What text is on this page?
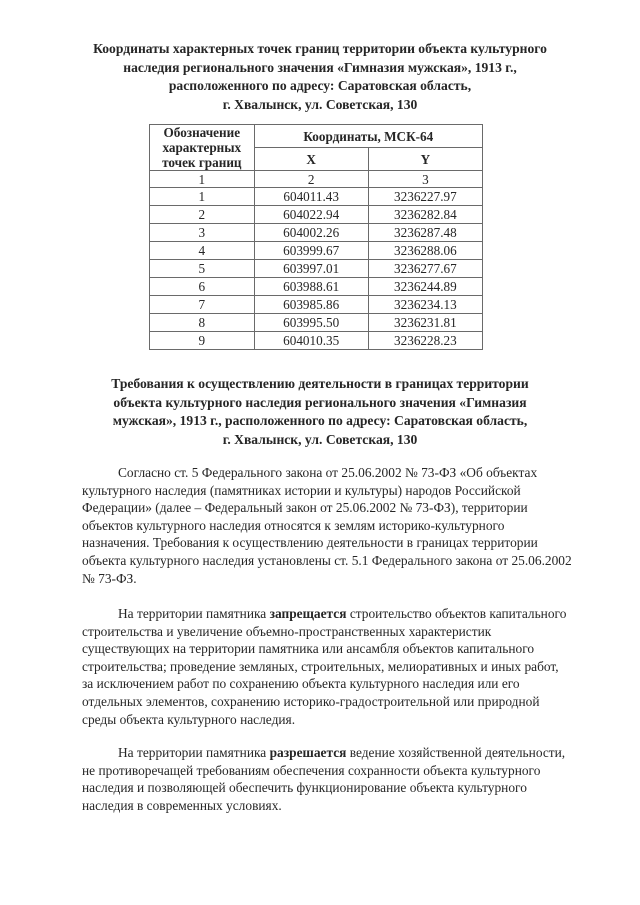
Координаты характерных точек границ территории объекта культурного
наследия регионального значения «Гимназия мужская», 1913 г.,
расположенного по адресу: Саратовская область,
г. Хвалынск, ул. Советская, 130
Обозначение
характерных
точек границ	Координаты, МСК-64	
	X	Y
1	2	3
1	604011.43	3236227.97
2	604022.94	3236282.84
3	604002.26	3236287.48
4	603999.67	3236288.06
5	603997.01	3236277.67
6	603988.61	3236244.89
7	603985.86	3236234.13
8	603995.50	3236231.81
9	604010.35	3236228.23
Требования к осуществлению деятельности в границах территории
объекта культурного наследия регионального значения «Гимназия
мужская», 1913 г., расположенного по адресу: Саратовская область,
г. Хвалынск, ул. Советская, 130
Согласно ст. 5 Федерального закона от 25.06.2002 № 73-ФЗ «Об объектах культурного наследия (памятниках истории и культуры) народов Российской Федерации» (далее – Федеральный закон от 25.06.2002 № 73-ФЗ), территории объектов культурного наследия относятся к землям историко-культурного назначения. Требования к осуществлению деятельности в границах территории объекта культурного наследия установлены ст. 5.1 Федерального закона от 25.06.2002 № 73-ФЗ.
На территории памятника запрещается строительство объектов капитального строительства и увеличение объемно-пространственных характеристик существующих на территории памятника или ансамбля объектов капитального строительства; проведение земляных, строительных, мелиоративных и иных работ, за исключением работ по сохранению объекта культурного наследия или его отдельных элементов, сохранению историко-градостроительной или природной среды объекта культурного наследия.
На территории памятника разрешается ведение хозяйственной деятельности, не противоречащей требованиям обеспечения сохранности объекта культурного наследия и позволяющей обеспечить функционирование объекта культурного наследия в современных условиях.
